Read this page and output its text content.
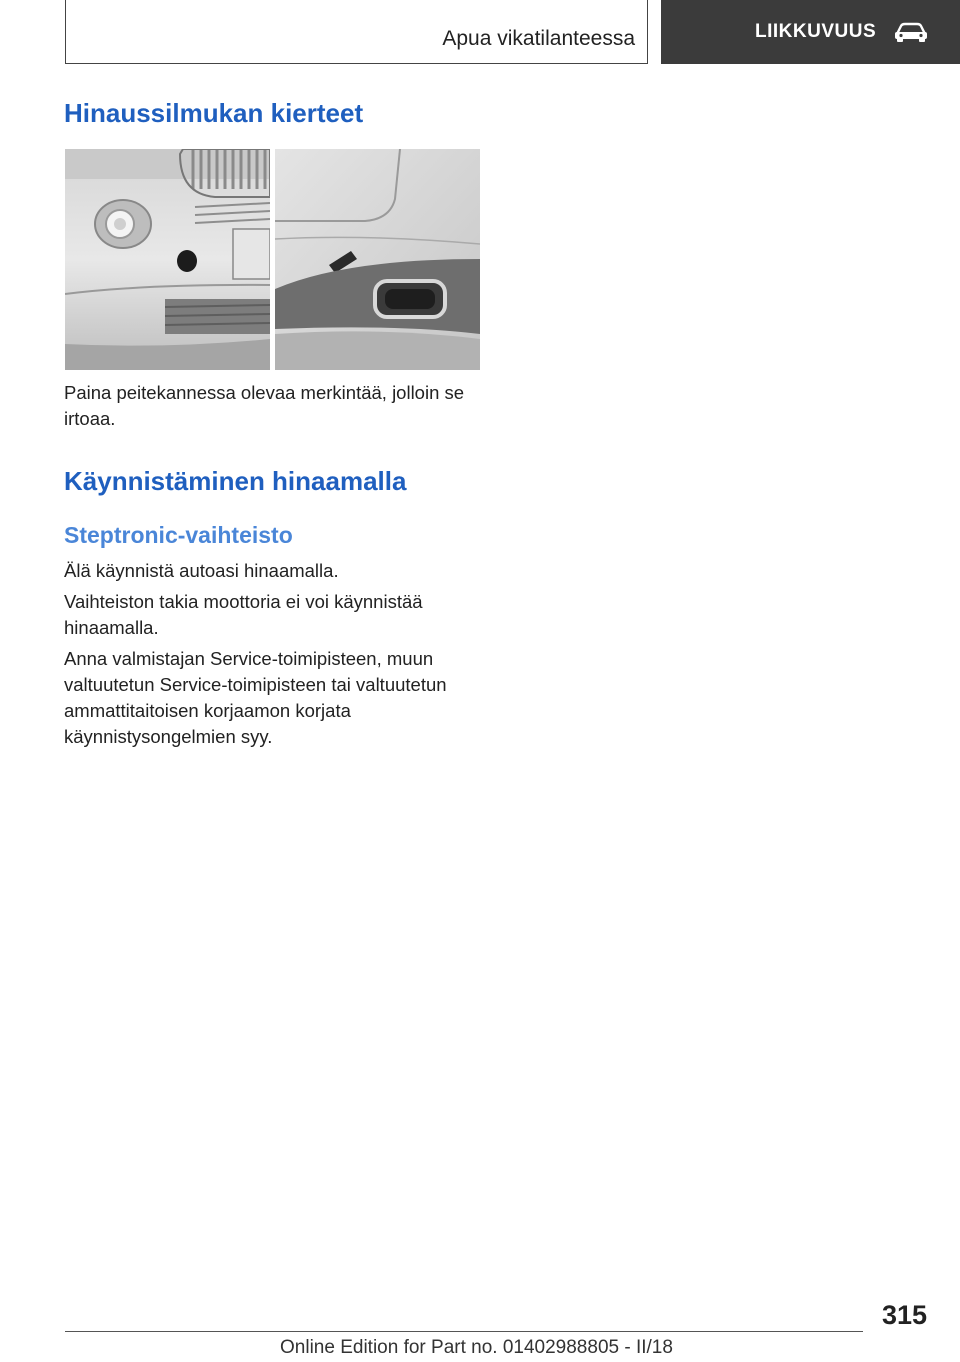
Apua vikatilanteessa	LIIKKUVUUS
Hinaussilmukan kierteet

Paina peitekannessa olevaa merkintää, jolloin se irtoaa.

Käynnistäminen hinaamalla
Steptronic-vaihteisto

Älä käynnistä autoasi hinaamalla.

Vaihteiston takia moottoria ei voi käynnistää hinaamalla.

Anna valmistajan Service-toimipisteen, muun valtuutetun Service-toimipisteen tai valtuutetun ammattitaitoisen korjaamon korjata käynnistysongelmien syy.

315
Online Edition for Part no. 01402988805 - II/18
